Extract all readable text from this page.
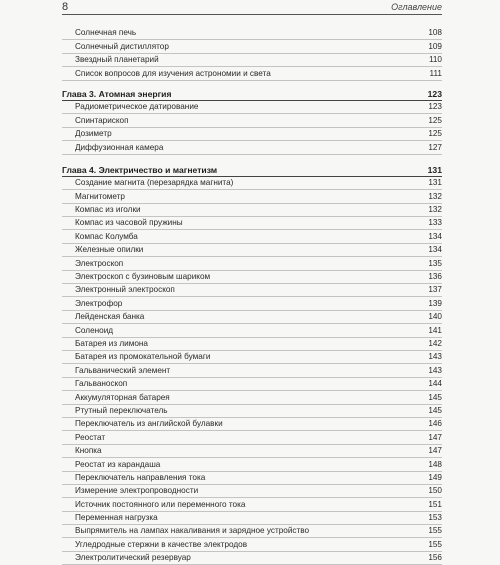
8	Оглавление
Солнечная печь	108
Солнечный дистиллятор	109
Звездный планетарий	110
Список вопросов для изучения астрономии и света	111
Глава 3. Атомная энергия	123
Радиометрическое датирование	123
Спинтарископ	125
Дозиметр	125
Диффузионная камера	127
Глава 4. Электричество и магнетизм	131
Создание магнита (перезарядка магнита)	131
Магнитометр	132
Компас из иголки	132
Компас из часовой пружины	133
Компас Колумба	134
Железные опилки	134
Электроскоп	135
Электроскоп с бузиновым шариком	136
Электронный электроскоп	137
Электрофор	139
Лейденская банка	140
Соленоид	141
Батарея из лимона	142
Батарея из промокательной бумаги	143
Гальванический элемент	143
Гальваноскоп	144
Аккумуляторная батарея	145
Ртутный переключатель	145
Переключатель из английской булавки	146
Реостат	147
Кнопка	147
Реостат из карандаша	148
Переключатель направления тока	149
Измерение электропроводности	150
Источник постоянного или переменного тока	151
Переменная нагрузка	153
Выпрямитель на лампах накаливания и зарядное устройство	155
Угледродные стержни в качестве электродов	155
Электролитический резервуар	156
